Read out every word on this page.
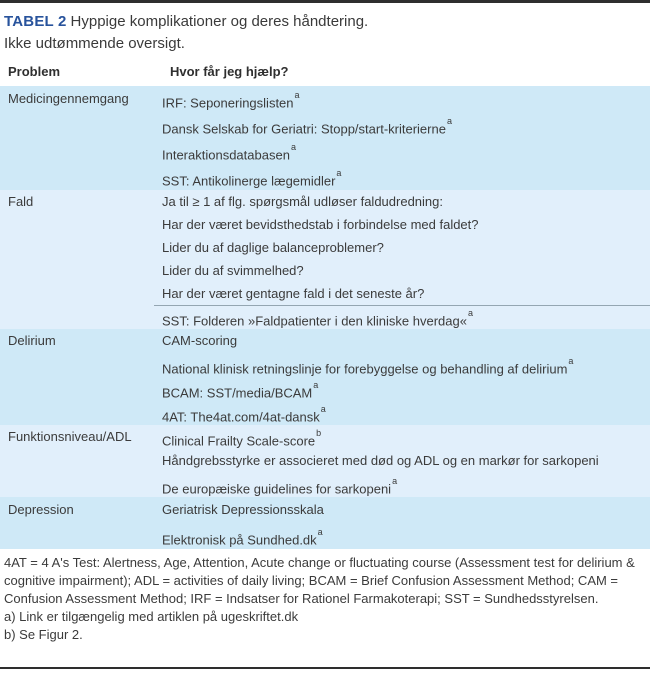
TABEL 2 Hyppige komplikationer og deres håndtering.
Ikke udtømmende oversigt.
Problem	Hvor får jeg hjælp?
Medicingennemgang	IRF: Seponeringslisten$^a$
Dansk Selskab for Geriatri: Stopp/start-kriterierne$^a$
Interaktionsdatabasen$^a$
SST: Antikolinerge lægemidler$^a$
Fald	Ja til ≥ 1 af flg. spørgsmål udløser faldudredning:
Har der været bevidsthedstab i forbindelse med faldet?
Lider du af daglige balanceproblemer?
Lider du af svimmelhed?
Har der været gentagne fald i det seneste år?
SST: Folderen »Faldpatienter i den kliniske hverdag«$^a$
Delirium	CAM-scoring
National klinisk retningslinje for forebyggelse og behandling af delirium$^a$
BCAM: SST/media/BCAM$^a$
4AT: The4at.com/4at-dansk$^a$
Funktionsniveau/ADL	Clinical Frailty Scale-score$^b$
Håndgrebsstyrke er associeret med død og ADL og en markør for sarkopeni
De europæiske guidelines for sarkopeni$^a$
Depression	Geriatrisk Depressionsskala
Elektronisk på $Sundhed.dk^a$
4AT = 4 A's Test: Alertness, Age, Attention, Acute change or fluctuating course (Assessment test for delirium & cognitive impairment); ADL = activities of daily living; BCAM = Brief Confusion Assessment Method; CAM = Confusion Assessment Method; IRF = Indsatser for Rationel Farmakoterapi; SST = Sundhedsstyrelsen.
a) Link er tilgængelig med artiklen på ugeskriftet.dk
b) Se Figur 2.
